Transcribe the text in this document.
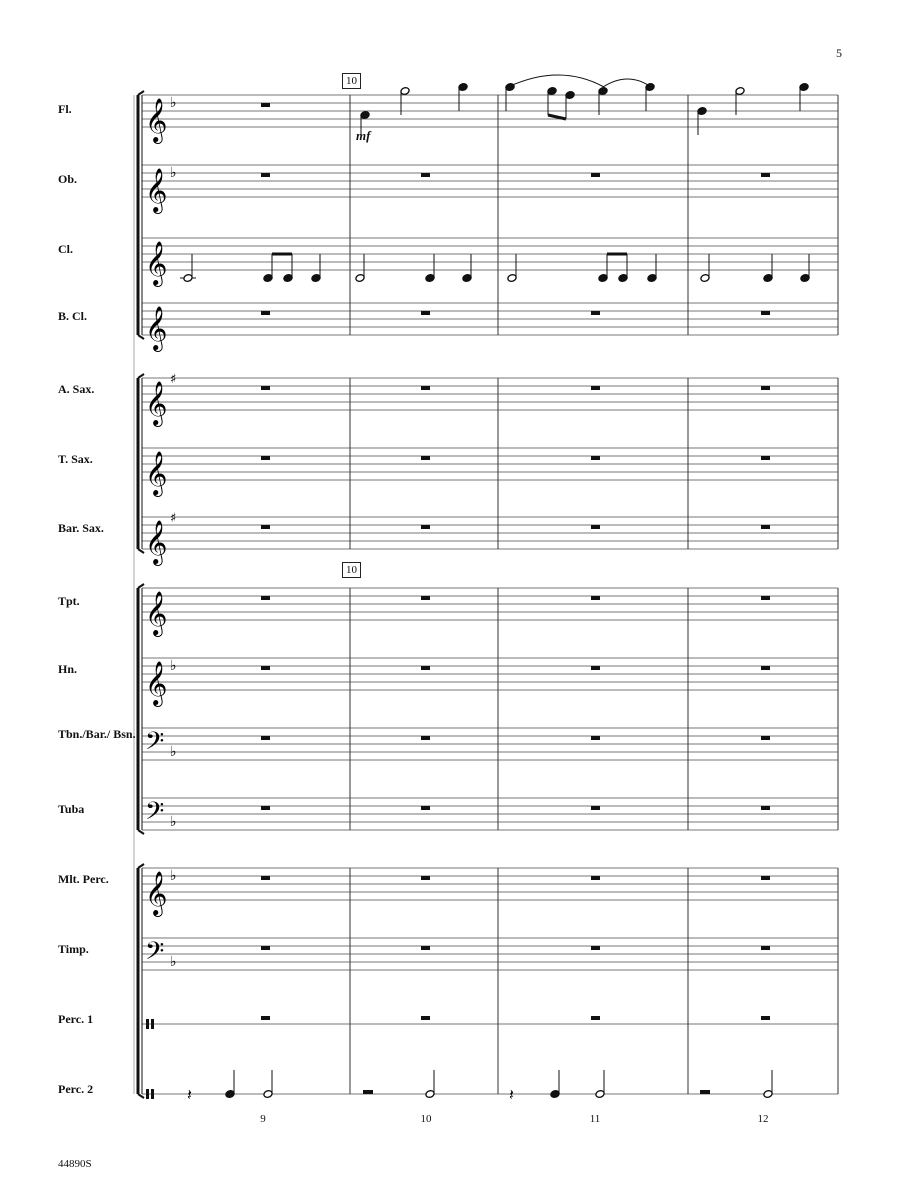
𝄞 ♭
𝄞 ♭
𝄞
𝄞
𝄞
♯
𝄞
𝄞
♯
𝄞
𝄞 ♭
𝄢 ♭
𝄢 ♭
𝄞 ♭
𝄢 ♭
𝄽	𝄽
5
44890S
10
10
mf
9	10	11	12
Fl.
Ob.
Cl.
B. Cl.
A. Sax.
T. Sax.
Bar. Sax.
Tpt.
Hn.
Tbn./Bar./ Bsn.
Tuba
Mlt. Perc.
Timp.
Perc. 1
Perc. 2
